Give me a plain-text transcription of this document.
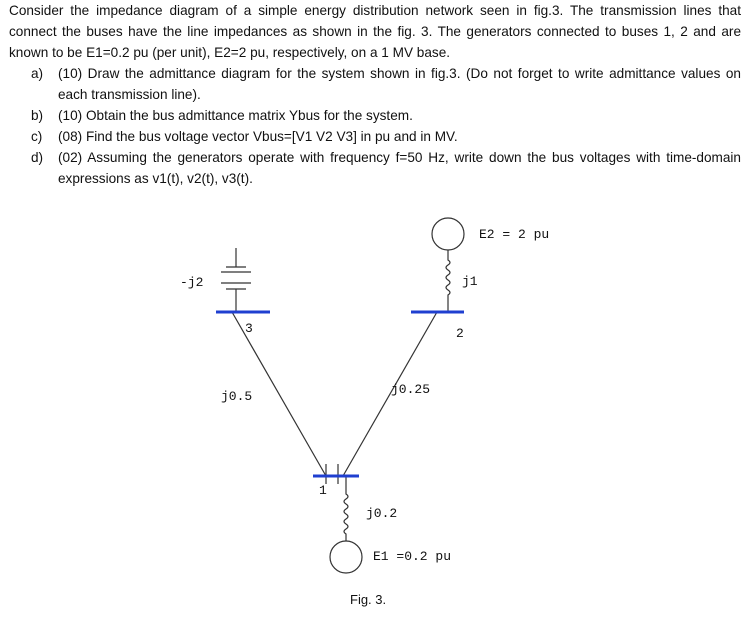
Consider the impedance diagram of a simple energy distribution network seen in fig.3. The transmission lines that connect the buses have the line impedances as shown in the fig. 3. The generators connected to buses 1, 2 and are known to be E1=0.2 pu (per unit), E2=2 pu, respectively, on a 1 MV base.

a) (10) Draw the admittance diagram for the system shown in fig.3. (Do not forget to write admittance values on each transmission line).

b) (10) Obtain the bus admittance matrix Ybus for the system.

c) (08) Find the bus voltage vector Vbus=[V1 V2 V3] in pu and in MV.

d) (02) Assuming the generators operate with frequency f=50 Hz, write down the bus voltages with time-domain expressions as v1(t), v2(t), v3(t).

E2 = 2 pu
j1
-j2
3	2
j0.5	j0.25
1
j0.2
E1 =0.2 pu
Fig. 3.
